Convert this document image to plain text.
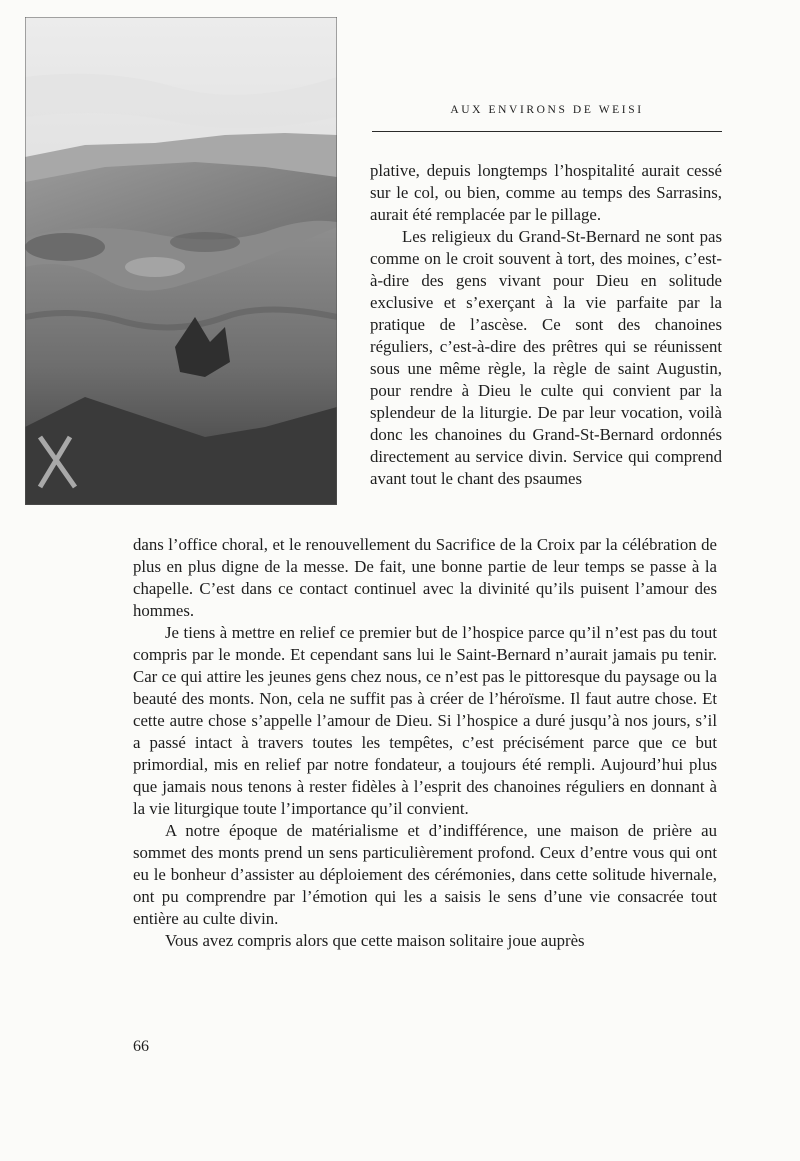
AUX ENVIRONS DE WEISI

plative, depuis longtemps l’hospitalité aurait cessé sur le col, ou bien, comme au temps des Sarrasins, aurait été remplacée par le pillage.

Les religieux du Grand-St-Bernard ne sont pas comme on le croit souvent à tort, des moines, c’est-à-dire des gens vivant pour Dieu en solitude exclusive et s’exerçant à la vie parfaite par la pratique de l’ascèse. Ce sont des chanoines réguliers, c’est-à-dire des prêtres qui se réunissent sous une même règle, la règle de saint Augustin, pour rendre à Dieu le culte qui convient par la splendeur de la liturgie. De par leur vocation, voilà donc les chanoines du Grand-St-Bernard ordonnés directement au service divin. Service qui comprend avant tout le chant des psaumes

dans l’office choral, et le renouvellement du Sacrifice de la Croix par la célébration de plus en plus digne de la messe. De fait, une bonne partie de leur temps se passe à la chapelle. C’est dans ce contact continuel avec la divinité qu’ils puisent l’amour des hommes.

Je tiens à mettre en relief ce premier but de l’hospice parce qu’il n’est pas du tout compris par le monde. Et cependant sans lui le Saint-Bernard n’aurait jamais pu tenir. Car ce qui attire les jeunes gens chez nous, ce n’est pas le pittoresque du paysage ou la beauté des monts. Non, cela ne suffit pas à créer de l’héroïsme. Il faut autre chose. Et cette autre chose s’appelle l’amour de Dieu. Si l’hospice a duré jusqu’à nos jours, s’il a passé intact à travers toutes les tempêtes, c’est précisément parce que ce but primordial, mis en relief par notre fondateur, a toujours été rempli. Aujourd’hui plus que jamais nous tenons à rester fidèles à l’esprit des chanoines réguliers en donnant à la vie liturgique toute l’importance qu’il convient.

A notre époque de matérialisme et d’indifférence, une maison de prière au sommet des monts prend un sens particulièrement profond. Ceux d’entre vous qui ont eu le bonheur d’assister au déploiement des cérémonies, dans cette solitude hivernale, ont pu comprendre par l’émotion qui les a saisis le sens d’une vie consacrée tout entière au culte divin.

Vous avez compris alors que cette maison solitaire joue auprès

66
